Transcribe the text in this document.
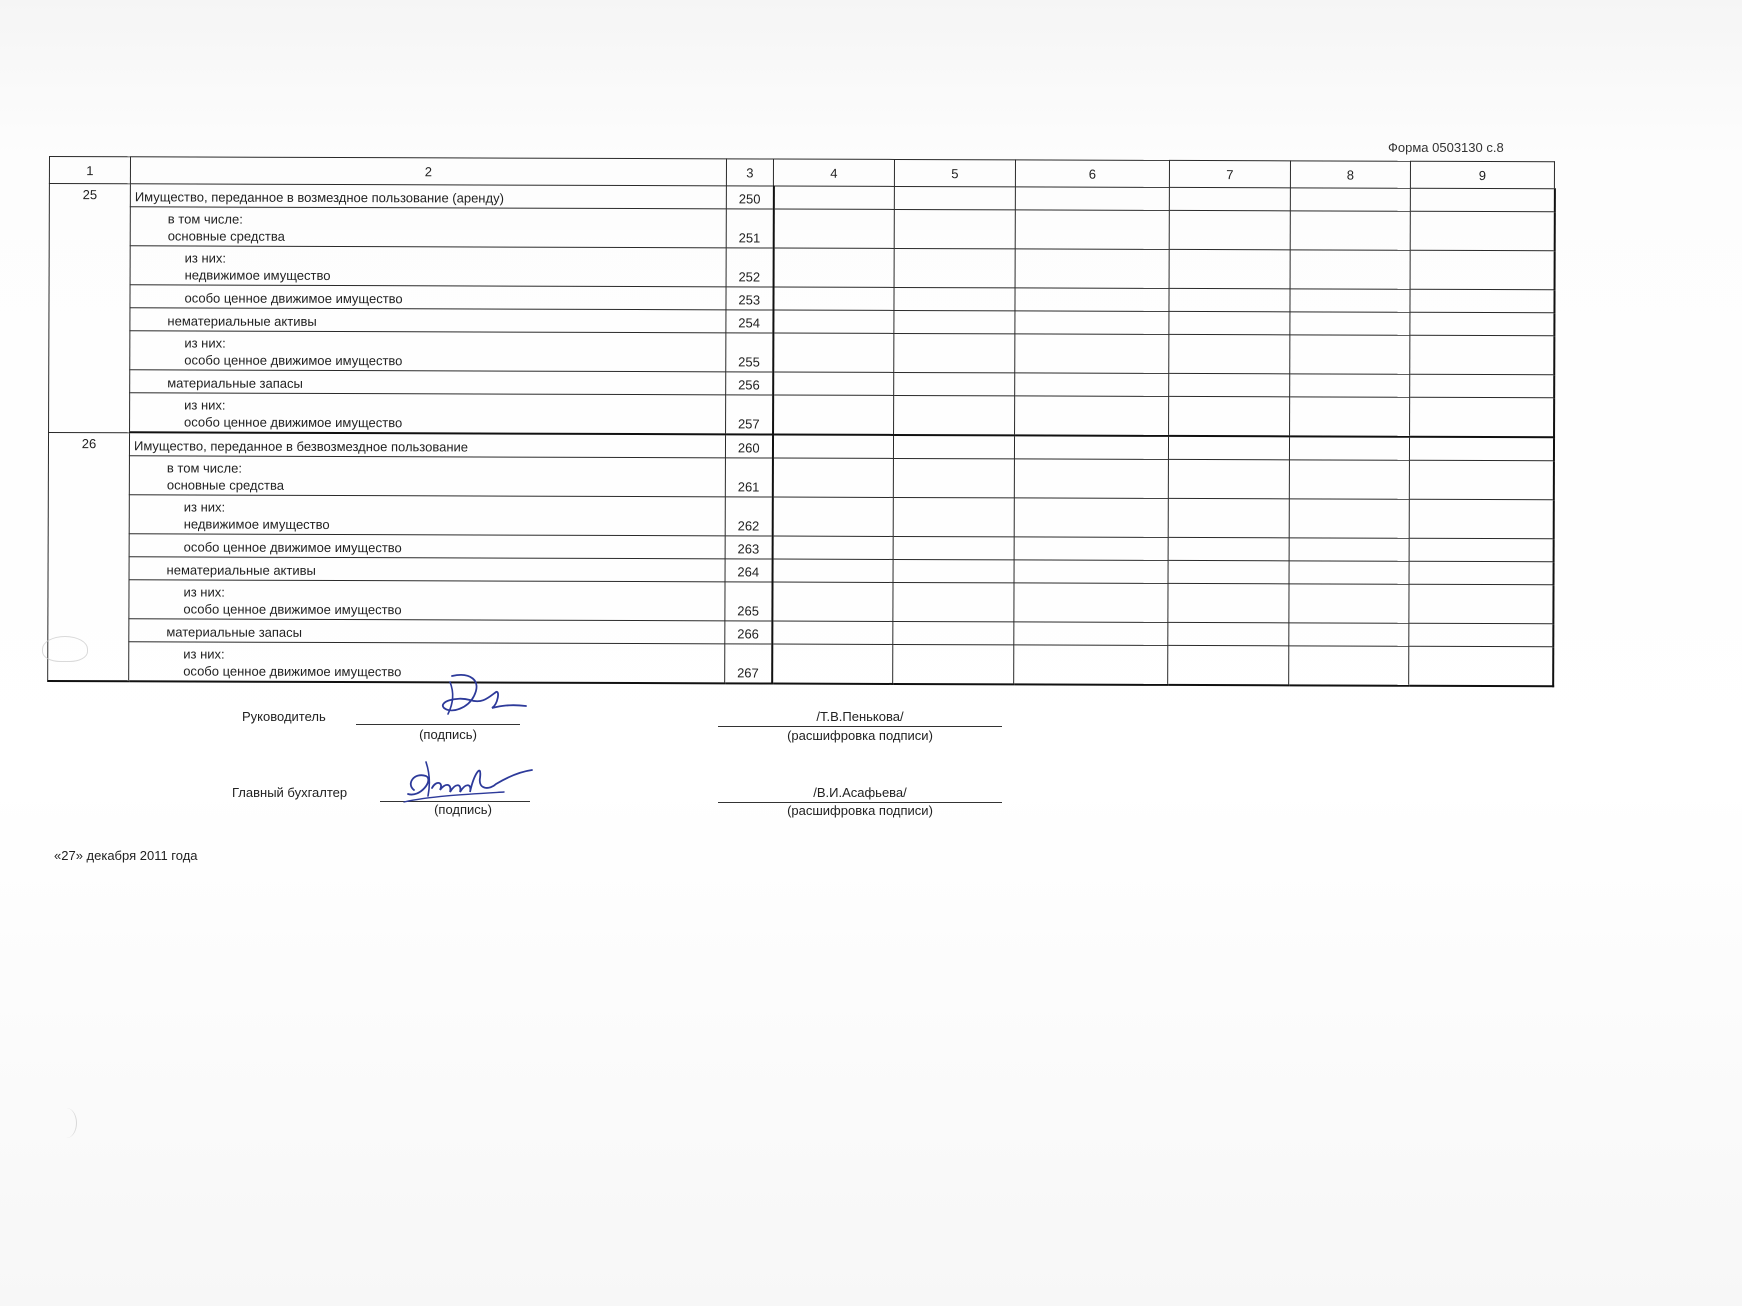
Форма 0503130 с.8
1	2	3	4	5	6	7	8	9
25	Имущество, переданное в возмездное пользование (аренду)	250						

	в том числе:
основные средства	251						

	из них:
недвижимое имущество	252						

	особо ценное движимое имущество	253						

	нематериальные активы	254						

	из них:
особо ценное движимое имущество	255						

	материальные запасы	256						

	из них:
особо ценное движимое имущество	257						
26	Имущество, переданное в безвозмездное пользование	260						

	в том числе:
основные средства	261						

	из них:
недвижимое имущество	262						

	особо ценное движимое имущество	263						

	нематериальные активы	264						

	из них:
особо ценное движимое имущество	265						

	материальные запасы	266						

	из них:
особо ценное движимое имущество	267						
Руководитель
(подпись)
/Т.В.Пенькова/
(расшифровка подписи)
Главный бухгалтер
(подпись)
/В.И.Асафьева/
(расшифровка подписи)
«27» декабря 2011 года
